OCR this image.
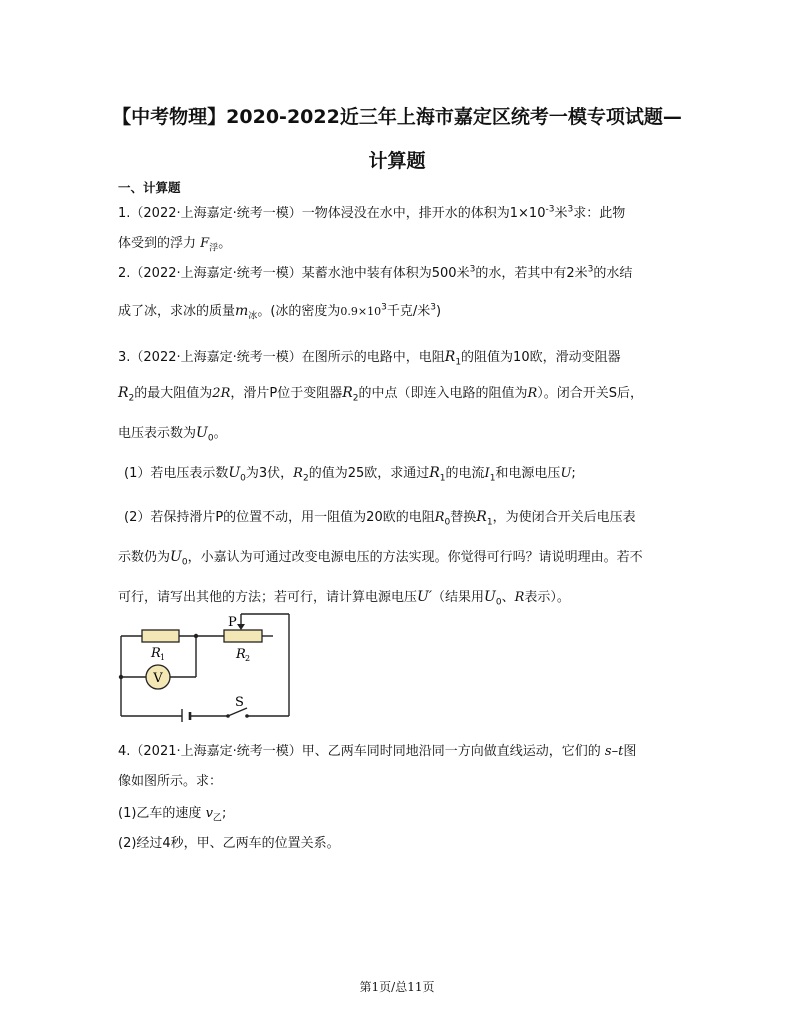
【中考物理】2020-2022近三年上海市嘉定区统考一模专项试题—
计算题
一、计算题
1.（2022·上海嘉定·统考一模）一物体浸没在水中，排开水的体积为$1\times 10^{-3}$米$^3$求：此物
体受到的浮力 $F_浮$。
2.（2022·上海嘉定·统考一模）某蓄水池中装有体积为500米$^3$的水，若其中有2米$^3$的水结
成了冰，求冰的质量$m_冰$。(冰的密度为$0.9\times 10^3$千克/米$^3$)
3.（2022·上海嘉定·统考一模）在图所示的电路中，电阻$R_1$的阻值为10欧，滑动变阻器
$R_2$的最大阻值为2R，滑片P位于变阻器$R_2$的中点（即连入电路的阻值为R）。闭合开关S后，
电压表示数为$U_0$。
(1）若电压表示数$U_0$为3伏，$R_2$的值为25欧，求通过$R_1$的电流$I_1$和电源电压U;
(2）若保持滑片P的位置不动，用一阻值为20欧的电阻$R_0$替换$R_1$，为使闭合开关后电压表
示数仍为$U_0$，小嘉认为可通过改变电源电压的方法实现。你觉得可行吗？请说明理由。若不
可行，请写出其他的方法；若可行，请计算电源电压U′（结果用$U_0$、R表示）。
V
P
R 1	R 2
S
4.（2021·上海嘉定·统考一模）甲、乙两车同时同地沿同一方向做直线运动，它们的 s–t图
像如图所示。求：
(1)乙车的速度 $v_乙$;
(2)经过4秒，甲、乙两车的位置关系。
第1页/总11页
